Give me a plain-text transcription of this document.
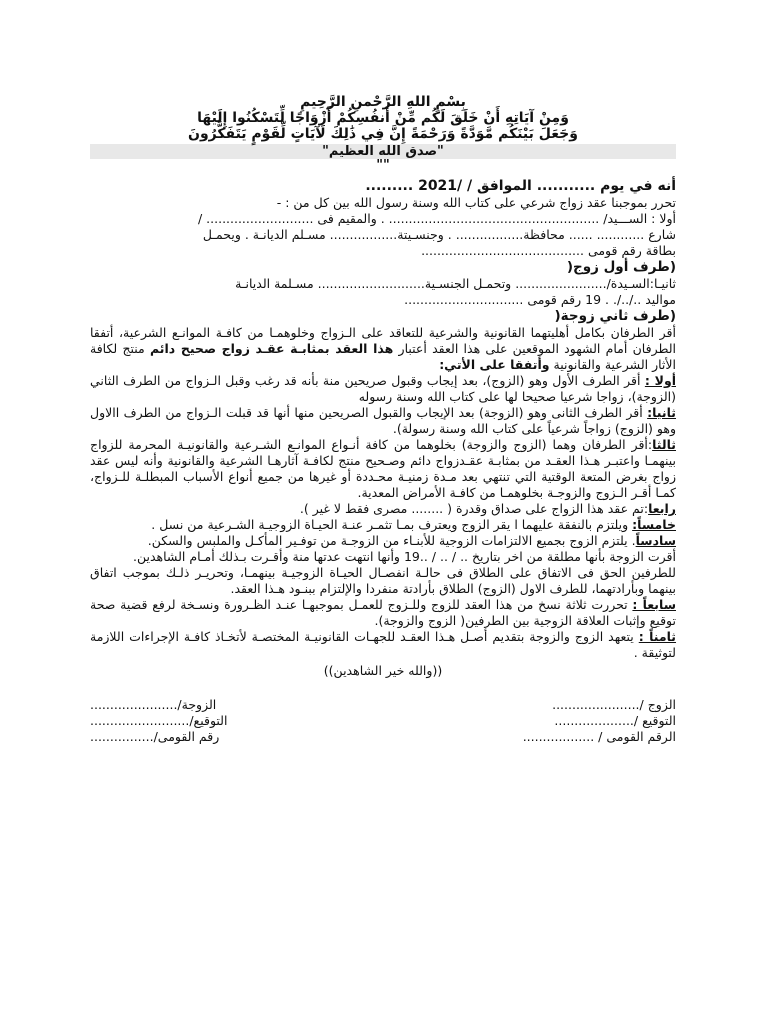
بِسْمِ اللهِ الرَّحْمنِ الرَّحِيمِ

وَمِنْ آيَاتِهِ أَنْ خَلَقَ لَكُم مِّنْ أَنفُسِكُمْ أَزْوَاجًا لِّتَسْكُنُوا إِلَيْهَا

وَجَعَلَ بَيْنَكُم مَّوَدَّةً وَرَحْمَةً إِنَّ فِي ذَٰلِكَ لَآيَاتٍ لِّقَوْمٍ يَتَفَكَّرُونَ

"صدق الله العظيم"

""

أنه في يوم ........... الموافق / /2021 .........

تحرر بموجبنا عقد زواج شرعي على كتاب الله وسنة رسول الله بين كل من : -

أولا : الســـيد/ ..................................................... . والمقيم فى ........................... /

شارع ............ ...... محافظة................. . وجنسـيتة................. مسـلم الديانـة . ويحمـل

بطاقة رقم قومى .........................................

(طرف أول زوج(

ثانيـا:السـيدة/....................... وتحمـل الجنسـية........................... مسـلمة الديانـة

مواليد ../../. . 19 رقم قومى ..............................

(طرف ثاني زوجة(

أقر الطرفان بكامل أهليتهما القانونية والشرعية للتعاقد على الـزواج وخلوهمـا من كافـة الموانـع الشرعية، أتفقا الطرفان أمام الشهود الموقعين على هذا العقد أعتبار هذا العقد بمثابـة عقـد زواج صحيح دائم منتج لكافة الأثار الشرعية والقانونية وأتفقا على الأتي:

أولا : أقر الطرف الأول وهو (الزوج)، بعد إيجاب وقبول صريحين منة بأنه قد رغب وقبل الـزواج من الطرف الثاني (الزوجة)، زواجا شرعيا صحيحا لها على كتاب الله وسنة رسوله

ثانيا: أقر الطرف الثانى وهو (الزوجة) بعد الإيجاب والقبول الصريحين منها أنها قد قبلت الـزواج من الطرف االاول وهو (الزوج) زواجاً شرعياً على كتاب الله وسنة رسولة).

ثالثا:أقر الطرفان وهما (الزوج والزوجة) بخلوهما من كافة أنـواع الموانـع الشـرعية والقانونيـة المحرمة للزواج بينهمـا واعتبـر هـذا العقـد من بمثابـة عقـدزواج دائم وصـحيح منتج لكافـة آثارهـا الشرعية والقانونية وأنه ليس عقد زواج بغرض المتعة الوقتية التي تنتهي بعد مـدة زمنيـة محـددة أو غيرها من جميع أنواع الأسباب المبطلـة للـزواج، كمـا أقـر الـزوج والزوجـة بخلوهمـا من كافـة الأمراض المعدية.

رابعا:تم عقد هذا الزواج على صداق وقدرة ( ........ مصرى فقط لا غير ).

خامساً: ويلتزم بالنفقة عليهما ا يقر الزوج ويعترف بمـا تثمـر عنـة الحيـاة الزوجيـة الشـرعية من نسل .

سادساً. يلتزم الزوج بجميع الالتزامات الزوجية للأبنـاء من الزوجـة من توفـير المأكـل والملبس والسكن.

أقرت الزوجة بأنها مطلقة من اخر بتاريخ .. / .. / ..19 وأنها انتهت عدتها منة وأقـرت بـذلك أمـام الشاهدين.

للطرفين الحق فى الاتفاق على الطلاق فى حالـة انفصـال الحيـاة الزوجيـة بينهمـا، وتحريـر ذلـك بموجب اتفاق بينهما وبأرادتهما، للطرف الاول (الزوج) الطلاق بأرادتة منفردا والإلتزام ببنـود هـذا العقد.

سابعاً : تحررت ثلاثة نسخ من هذا العقد للزوج وللـزوج للعمـل بموجبهـا عنـد الظـرورة ونسـخة لرفع قضية صحة توقيع وإثبات العلاقة الزوجية بين الطرفين( الزوج والزوجة).

ثامناً : يتعهد الزوج والزوجة بتقديم أصـل هـذا العقـد للجهـات القانونيـة المختصـة لأتخـاذ كافـة الإجراءات اللازمة لتوثيقة .

((والله خير الشاهدين))

الزوج /......................
الزوجة/......................

التوقيع /....................
التوقيع/.........................

الرقم القومى / ..................
رقم القومى/................
